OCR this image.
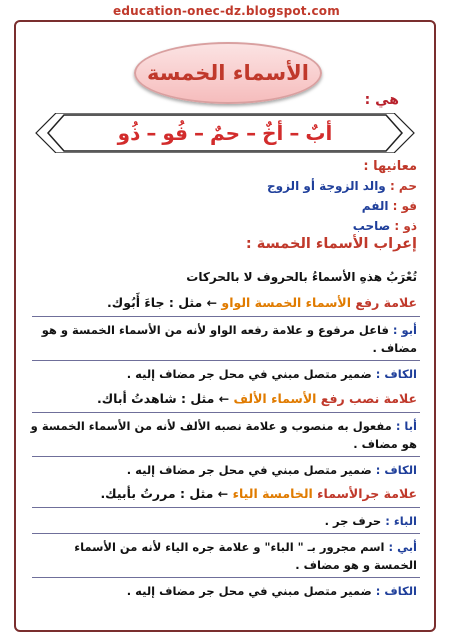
education-onec-dz.blogspot.com
الأسماء الخمسة
هي :
أبٌ
–
أخٌ
–
حمٌ
–
فُو
–
ذُو
معانيها :
حم : والد الزوجة أو الزوج
فو : الفم
ذو : صاحب
إعراب الأسماء الخمسة :
تُعْرَبُ هذهِ الأسماءُ بالحروف لا بالحركات
علامة رفع الأسماء الخمسة الواو ← مثل : جاءَ أَبُوك.
أبو : فاعل مرفوع و علامة رفعه الواو لأنه من الأسماء الخمسة و هو
مضاف .
الكاف : ضمير متصل مبني في محل جر مضاف إليه .
علامة نصب رفع الأسماء الألف ← مثل : شاهدتُ أباك.
أبا : مفعول به منصوب و علامة نصبه الألف لأنه من الأسماء الخمسة و
هو مضاف .
الكاف : ضمير متصل مبني في محل جر مضاف إليه .
علامة جرالأسماء الخامسة الياء ← مثل : مررتُ بأبيك.
الباء : حرف جر .
أبي : اسم مجرور بـ " الباء" و علامة جره الياء لأنه من الأسماء
الخمسة و هو مضاف .
الكاف : ضمير متصل مبني في محل جر مضاف إليه .
